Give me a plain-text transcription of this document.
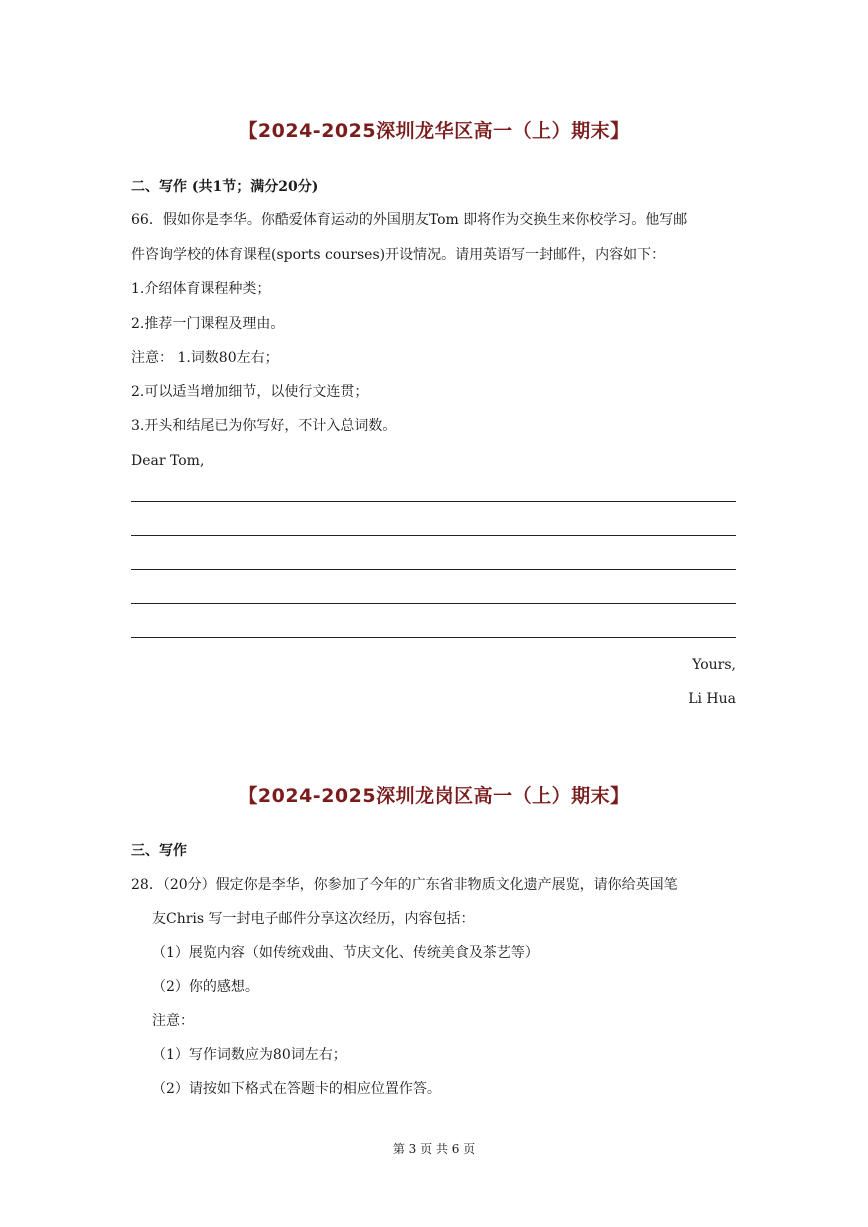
【2024-2025深圳龙华区高一（上）期末】
二、写作 (共1节；满分20分)
66．假如你是李华。你酷爱体育运动的外国朋友Tom 即将作为交换生来你校学习。他写邮
件咨询学校的体育课程(sports courses)开设情况。请用英语写一封邮件，内容如下：
1.介绍体育课程种类；
2.推荐一门课程及理由。
注意： 1.词数80左右；
2.可以适当增加细节，以使行文连贯；
3.开头和结尾已为你写好，不计入总词数。
Dear Tom,
Yours,
Li Hua
【2024-2025深圳龙岗区高一（上）期末】
三、写作
28．（20分）假定你是李华，你参加了今年的广东省非物质文化遗产展览，请你给英国笔
友Chris 写一封电子邮件分享这次经历，内容包括：
（1）展览内容（如传统戏曲、节庆文化、传统美食及茶艺等）
（2）你的感想。
注意：
（1）写作词数应为80词左右；
（2）请按如下格式在答题卡的相应位置作答。
第 3 页 共 6 页
